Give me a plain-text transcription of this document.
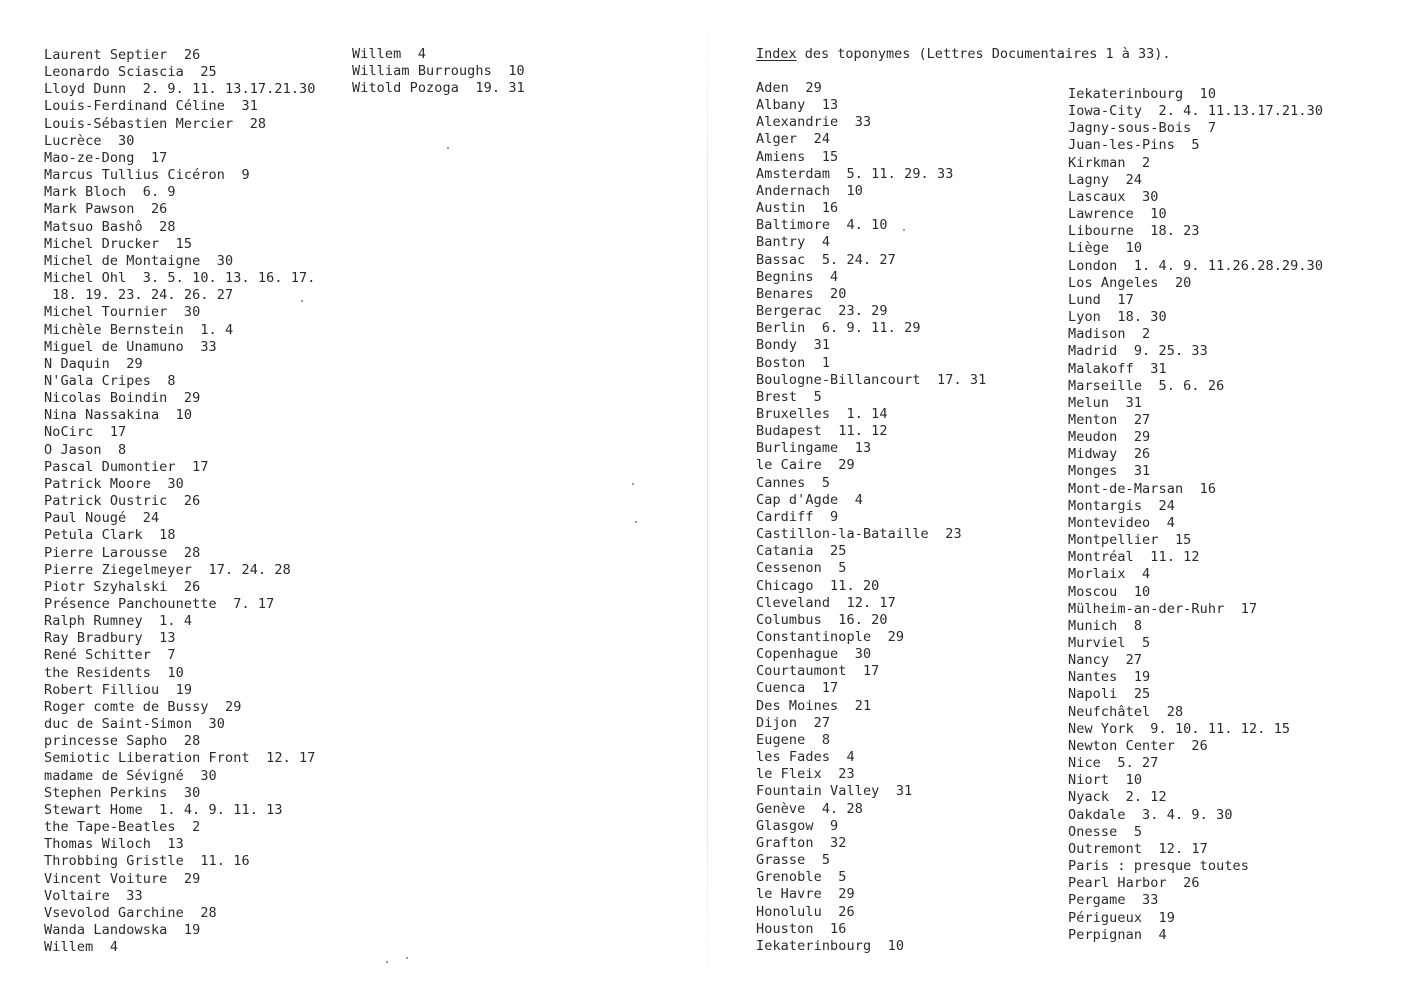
Laurent Septier  26
Leonardo Sciascia  25
Lloyd Dunn  2. 9. 11. 13.17.21.30
Louis-Ferdinand Céline  31
Louis-Sébastien Mercier  28
Lucrèce  30
Mao-ze-Dong  17
Marcus Tullius Cicéron  9
Mark Bloch  6. 9
Mark Pawson  26
Matsuo Bashô  28
Michel Drucker  15
Michel de Montaigne  30
Michel Ohl  3. 5. 10. 13. 16. 17.
18. 19. 23. 24. 26. 27
Michel Tournier  30
Michèle Bernstein  1. 4
Miguel de Unamuno  33
N Daquin  29
N'Gala Cripes  8
Nicolas Boindin  29
Nina Nassakina  10
NoCirc  17
O Jason  8
Pascal Dumontier  17
Patrick Moore  30
Patrick Oustric  26
Paul Nougé  24
Petula Clark  18
Pierre Larousse  28
Pierre Ziegelmeyer  17. 24. 28
Piotr Szyhalski  26
Présence Panchounette  7. 17
Ralph Rumney  1. 4
Ray Bradbury  13
René Schitter  7
the Residents  10
Robert Filliou  19
Roger comte de Bussy  29
duc de Saint-Simon  30
princesse Sapho  28
Semiotic Liberation Front  12. 17
madame de Sévigné  30
Stephen Perkins  30
Stewart Home  1. 4. 9. 11. 13
the Tape-Beatles  2
Thomas Wiloch  13
Throbbing Gristle  11. 16
Vincent Voiture  29
Voltaire  33
Vsevolod Garchine  28
Wanda Landowska  19
Willem  4
Willem  4
William Burroughs  10
Witold Pozoga  19. 31
Index des toponymes (Lettres Documentaires 1 à 33).
Aden  29
Albany  13
Alexandrie  33
Alger  24
Amiens  15
Amsterdam  5. 11. 29. 33
Andernach  10
Austin  16
Baltimore  4. 10
Bantry  4
Bassac  5. 24. 27
Begnins  4
Benares  20
Bergerac  23. 29
Berlin  6. 9. 11. 29
Bondy  31
Boston  1
Boulogne-Billancourt  17. 31
Brest  5
Bruxelles  1. 14
Budapest  11. 12
Burlingame  13
le Caire  29
Cannes  5
Cap d'Agde  4
Cardiff  9
Castillon-la-Bataille  23
Catania  25
Cessenon  5
Chicago  11. 20
Cleveland  12. 17
Columbus  16. 20
Constantinople  29
Copenhague  30
Courtaumont  17
Cuenca  17
Des Moines  21
Dijon  27
Eugene  8
les Fades  4
le Fleix  23
Fountain Valley  31
Genève  4. 28
Glasgow  9
Grafton  32
Grasse  5
Grenoble  5
le Havre  29
Honolulu  26
Houston  16
Iekaterinbourg  10
Iekaterinbourg  10
Iowa-City  2. 4. 11.13.17.21.30
Jagny-sous-Bois  7
Juan-les-Pins  5
Kirkman  2
Lagny  24
Lascaux  30
Lawrence  10
Libourne  18. 23
Liège  10
London  1. 4. 9. 11.26.28.29.30
Los Angeles  20
Lund  17
Lyon  18. 30
Madison  2
Madrid  9. 25. 33
Malakoff  31
Marseille  5. 6. 26
Melun  31
Menton  27
Meudon  29
Midway  26
Monges  31
Mont-de-Marsan  16
Montargis  24
Montevideo  4
Montpellier  15
Montréal  11. 12
Morlaix  4
Moscou  10
Mülheim-an-der-Ruhr  17
Munich  8
Murviel  5
Nancy  27
Nantes  19
Napoli  25
Neufchâtel  28
New York  9. 10. 11. 12. 15
Newton Center  26
Nice  5. 27
Niort  10
Nyack  2. 12
Oakdale  3. 4. 9. 30
Onesse  5
Outremont  12. 17
Paris : presque toutes
Pearl Harbor  26
Pergame  33
Périgueux  19
Perpignan  4
